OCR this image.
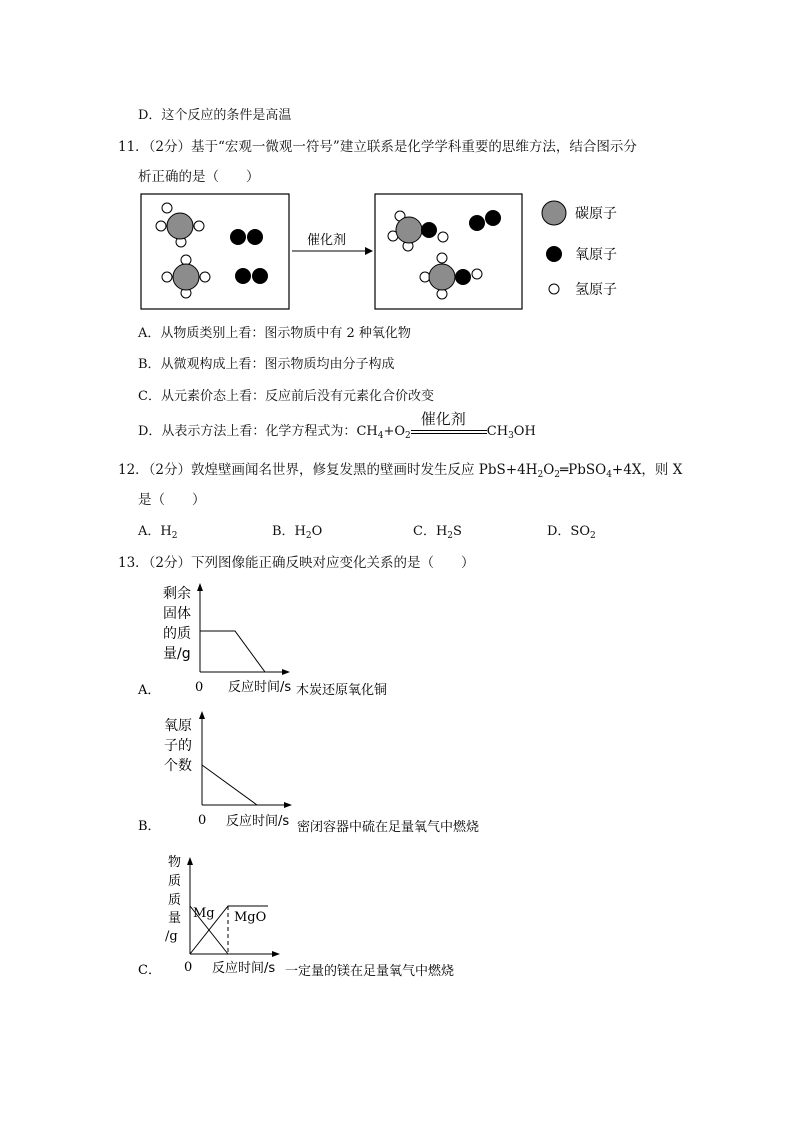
D．这个反应的条件是高温
11．（2分）基于“宏观一微观一符号”建立联系是化学学科重要的思维方法，结合图示分
析正确的是（　　）
催化剂
碳原子
氧原子
氢原子
A．从物质类别上看：图示物质中有 2 种氧化物
B．从微观构成上看：图示物质均由分子构成
C．从元素价态上看：反应前后没有元素化合价改变
D．从表示方法上看：化学方程式为：$CH_4+O_2$
催化剂
$CH_3OH$
12．（2分）敦煌壁画闻名世界，修复发黑的壁画时发生反应 $PbS+4H_2O_2═PbSO_4+4X$，则 X
是（　　）
A．$H_2$	B．$H_2O$	C．$H_2S$	D．$SO_2$
13．（2分）下列图像能正确反映对应变化关系的是（　　）
剩余
固体
的质
量/g
0 反应时间/s 木炭还原氧化铜
A．
氧原
子的
个数
0 反应时间/s 密闭容器中硫在足量氧气中燃烧
B．
物
质
质
量
/g
Mg MgO
0 反应时间/s 一定量的镁在足量氧气中燃烧
C．
